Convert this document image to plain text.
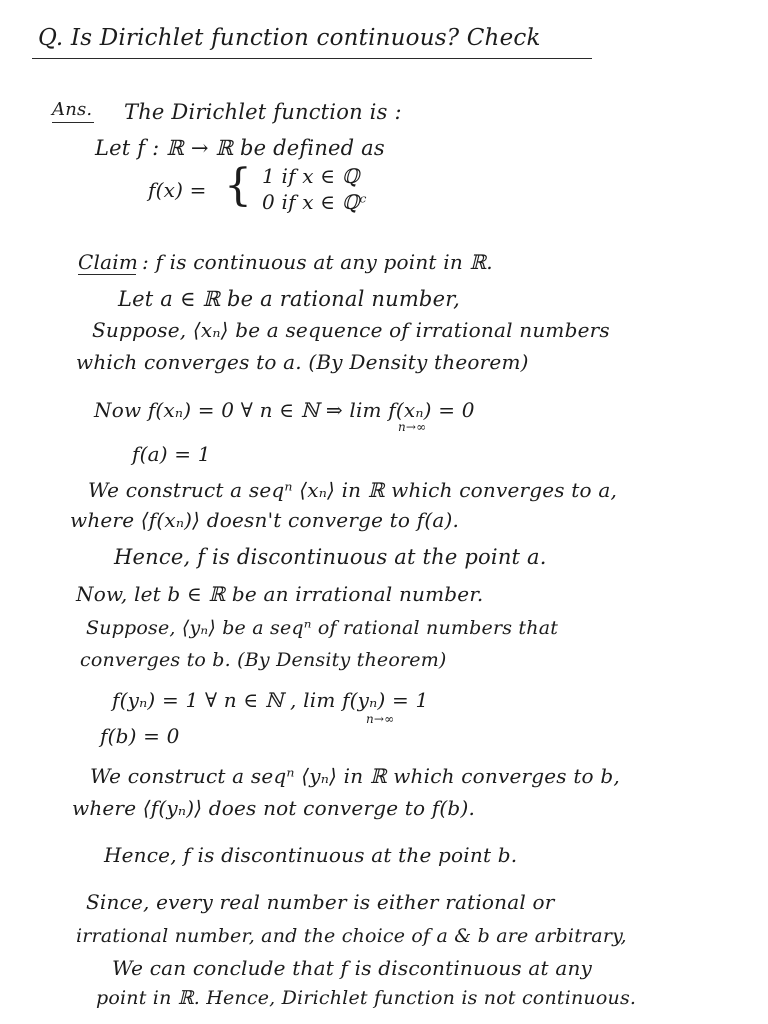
Q. Is Dirichlet function continuous? Check
Ans. The Dirichlet function is :
Let f : ℝ → ℝ be defined as
f(x) = { 1 if x ∈ ℚ
0 if x ∈ ℚᶜ
Claim : f is continuous at any point in ℝ.
Let a ∈ ℝ be a rational number,
Suppose, ⟨xₙ⟩ be a sequence of irrational numbers
which converges to a. (By Density theorem)
Now f(xₙ) = 0 ∀ n ∈ ℕ ⇒ lim f(xₙ) = 0
n→∞
f(a) = 1
We construct a seqⁿ ⟨xₙ⟩ in ℝ which converges to a,
where ⟨f(xₙ)⟩ doesn't converge to f(a).
Hence, f is discontinuous at the point a.
Now, let b ∈ ℝ be an irrational number.
Suppose, ⟨yₙ⟩ be a seqⁿ of rational numbers that
converges to b. (By Density theorem)
f(yₙ) = 1 ∀ n ∈ ℕ , lim f(yₙ) = 1
n→∞
f(b) = 0
We construct a seqⁿ ⟨yₙ⟩ in ℝ which converges to b,
where ⟨f(yₙ)⟩ does not converge to f(b).
Hence, f is discontinuous at the point b.
Since, every real number is either rational or
irrational number, and the choice of a & b are arbitrary,
We can conclude that f is discontinuous at any
point in ℝ. Hence, Dirichlet function is not continuous.
